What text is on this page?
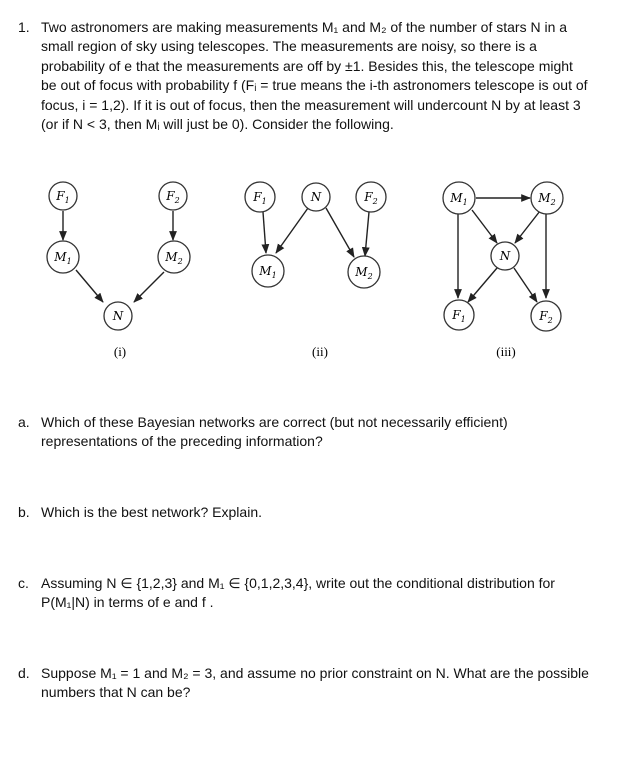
1. Two astronomers are making measurements M₁ and M₂ of the number of stars N in a
small region of sky using telescopes. The measurements are noisy, so there is a
probability of e that the measurements are off by ±1. Besides this, the telescope might
be out of focus with probability f (Fᵢ = true means the i-th astronomers telescope is out of
focus, i = 1,2). If it is out of focus, then the measurement will undercount N by at least 3
(or if N < 3, then Mᵢ will just be 0). Consider the following.
$F_1$	$F_2$
$M_1$	$M_2$
N
(i)
$F_1$	N	$F_2$
$M_1$	$M_2$
(ii)
$M_1$	$M_2$
N
$F_1$	$F_2$
(iii)
a. Which of these Bayesian networks are correct (but not necessarily efficient)
representations of the preceding information?
b. Which is the best network? Explain.
c. Assuming N ∈ {1,2,3} and M₁ ∈ {0,1,2,3,4}, write out the conditional distribution for
P(M₁|N) in terms of e and f .
d. Suppose M₁ = 1 and M₂ = 3, and assume no prior constraint on N. What are the possible
numbers that N can be?
